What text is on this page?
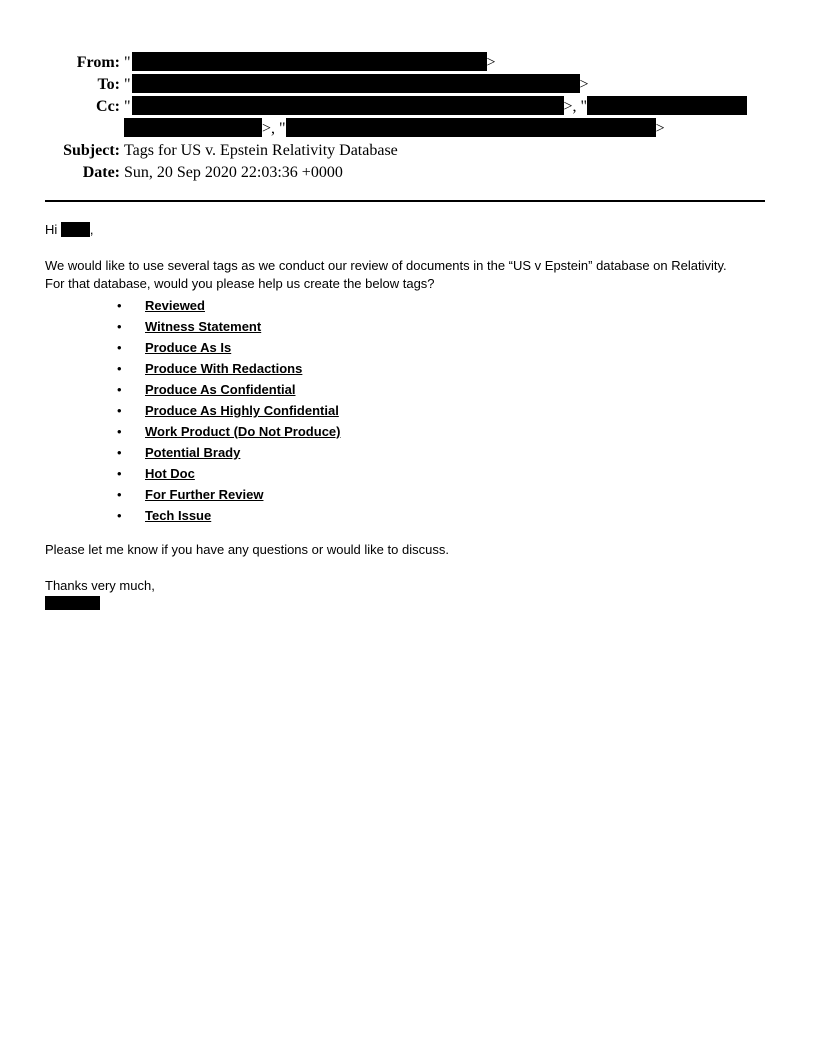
From: "	>
To: "	>
Cc: "	>, "
>, "	>
Subject: Tags for US v. Epstein Relativity Database
Date: Sun, 20 Sep 2020 22:03:36 +0000

Hi	,

We would like to use several tags as we conduct our review of documents in the “US v Epstein” database on Relativity.

For that database, would you please help us create the below tags?

• Reviewed
• Witness Statement
• Produce As Is
• Produce With Redactions
• Produce As Confidential
• Produce As Highly Confidential
• Work Product (Do Not Produce)
• Potential Brady
• Hot Doc
• For Further Review
• Tech Issue

Please let me know if you have any questions or would like to discuss.

Thanks very much,
